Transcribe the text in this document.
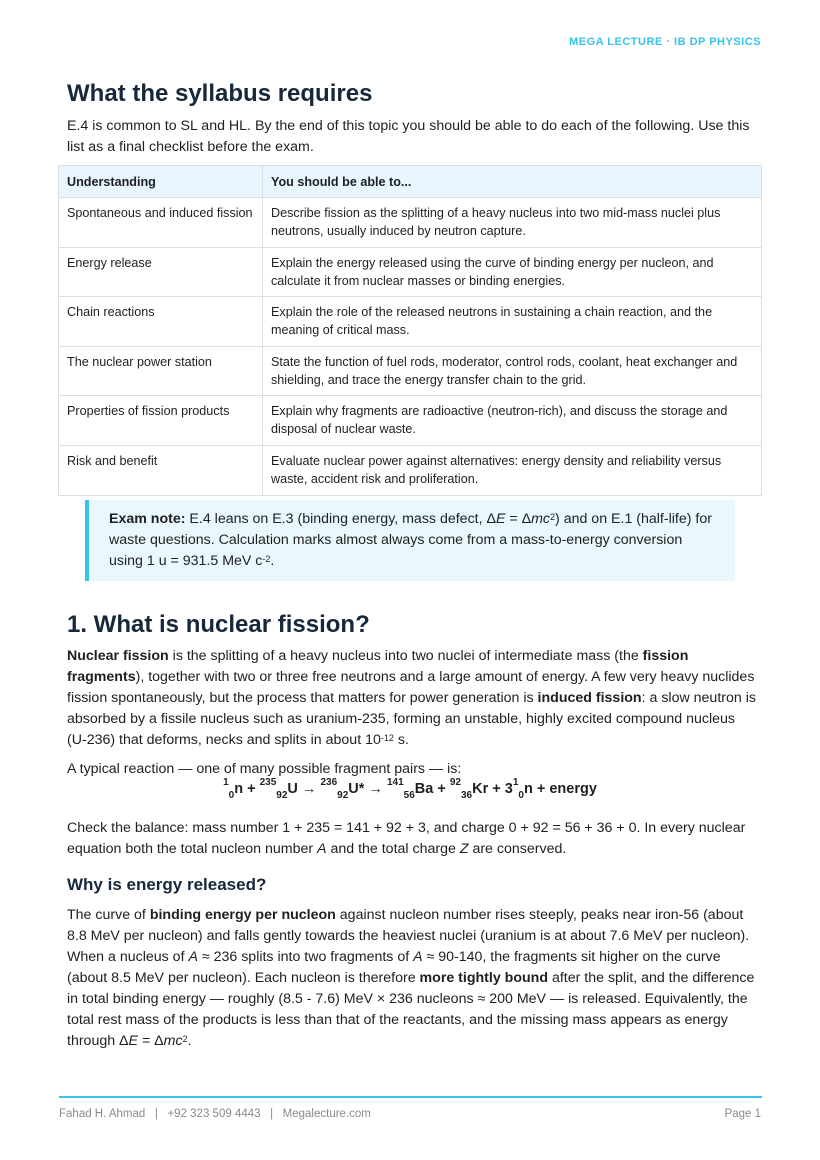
MEGA LECTURE · IB DP PHYSICS
What the syllabus requires

E.4 is common to SL and HL. By the end of this topic you should be able to do each of the following. Use this list as a final checklist before the exam.

Understanding	You should be able to...
Spontaneous and induced fission	Describe fission as the splitting of a heavy nucleus into two mid-mass nuclei plus neutrons, usually induced by neutron capture.
Energy release	Explain the energy released using the curve of binding energy per nucleon, and calculate it from nuclear masses or binding energies.
Chain reactions	Explain the role of the released neutrons in sustaining a chain reaction, and the meaning of critical mass.
The nuclear power station	State the function of fuel rods, moderator, control rods, coolant, heat exchanger and shielding, and trace the energy transfer chain to the grid.
Properties of fission products	Explain why fragments are radioactive (neutron-rich), and discuss the storage and disposal of nuclear waste.
Risk and benefit	Evaluate nuclear power against alternatives: energy density and reliability versus waste, accident risk and proliferation.
Exam note: E.4 leans on E.3 (binding energy, mass defect, ΔE = Δmc$^2$) and on E.1 (half-life) for waste questions. Calculation marks almost always come from a mass-to-energy conversion using 1 u = 931.5 MeV $c^{-2}$.
1. What is nuclear fission?

Nuclear fission is the splitting of a heavy nucleus into two nuclei of intermediate mass (the fission fragments), together with two or three free neutrons and a large amount of energy. A few very heavy nuclides fission spontaneously, but the process that matters for power generation is induced fission: a slow neutron is absorbed by a fissile nucleus such as uranium-235, forming an unstable, highly excited compound nucleus (U-236) that deforms, necks and splits in about $10^{-12}$ s.

A typical reaction — one of many possible fragment pairs — is:

$^1_0n + ^{235}_{92}U \to ^{236}_{92}U* \to ^{141}_{56}Ba + ^{92}_{36}Kr + 3^1_0n$ + energy

Check the balance: mass number 1 + 235 = 141 + 92 + 3, and charge 0 + 92 = 56 + 36 + 0. In every nuclear equation both the total nucleon number A and the total charge Z are conserved.

Why is energy released?

The curve of binding energy per nucleon against nucleon number rises steeply, peaks near iron-56 (about 8.8 MeV per nucleon) and falls gently towards the heaviest nuclei (uranium is at about 7.6 MeV per nucleon). When a nucleus of A ≈ 236 splits into two fragments of A ≈ 90-140, the fragments sit higher on the curve (about 8.5 MeV per nucleon). Each nucleon is therefore more tightly bound after the split, and the difference in total binding energy — roughly (8.5 - 7.6) MeV × 236 nucleons ≈ 200 MeV — is released. Equivalently, the total rest mass of the products is less than that of the reactants, and the missing mass appears as energy through ΔE = Δmc$^2$.

Fahad H. Ahmad   |   +92 323 509 4443   |   Megalecture.com	Page 1
